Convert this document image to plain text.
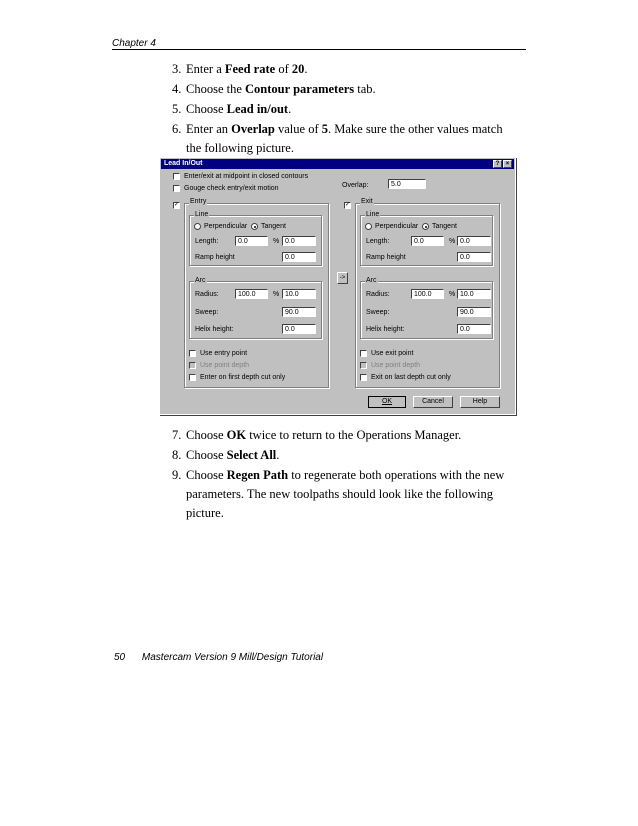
Chapter 4
3. Enter a Feed rate of 20.
4. Choose the Contour parameters tab.
5. Choose Lead in/out.
6. Enter an Overlap value of 5. Make sure the other values match the following picture.
Lead In/Out	?	×
Enter/exit at midpoint in closed contours
Gouge check entry/exit motion	Overlap:	5.0
✓ Entry
Line
Perpendicular Tangent
Length:	0.0	% 0.0
Ramp height	0.0
Arc
Radius:	100.0	% 10.0
Sweep:	90.0
Helix height:	0.0
Use entry point
Use point depth
Enter on first depth cut only
->
✓ Exit
Line
Perpendicular Tangent
Length:	0.0	% 0.0
Ramp height	0.0
Arc
Radius:	100.0	% 10.0
Sweep:	90.0
Helix height:	0.0
Use exit point
Use point depth
Exit on last depth cut only
OK	Cancel	Help
7. Choose OK twice to return to the Operations Manager.
8. Choose Select All.
9. Choose Regen Path to regenerate both operations with the new parameters. The new toolpaths should look like the following picture.
50 Mastercam Version 9 Mill/Design Tutorial
